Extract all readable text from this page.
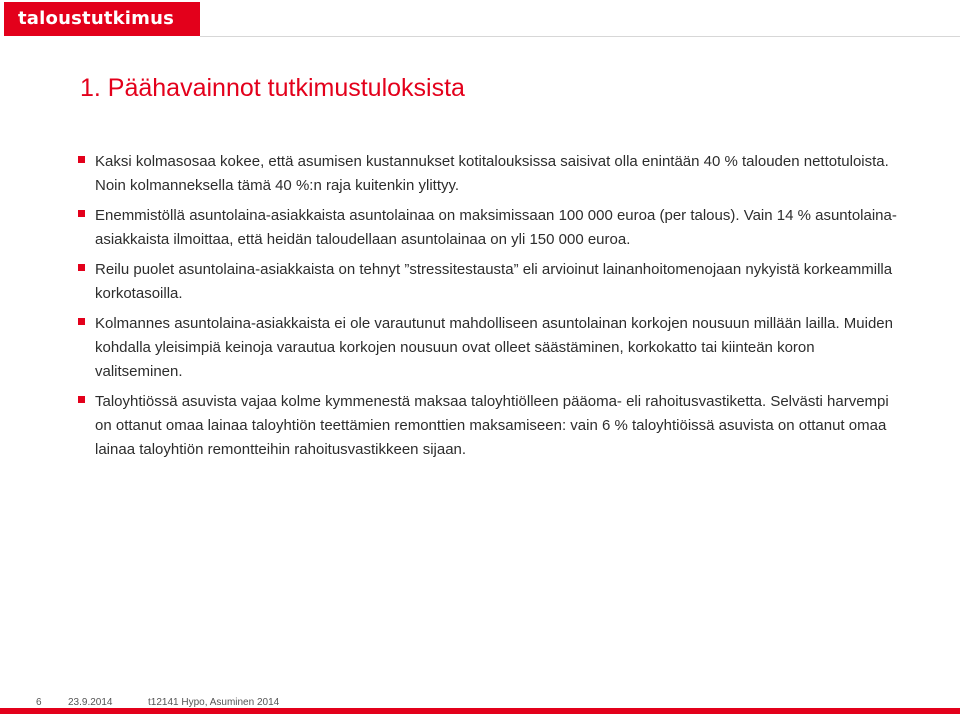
taloustutkimus oy
1. Päähavainnot tutkimustuloksista
Kaksi kolmasosaa kokee, että asumisen kustannukset kotitalouksissa saisivat olla enintään 40 % talouden nettotuloista. Noin kolmanneksella tämä 40 %:n raja kuitenkin ylittyy.
Enemmistöllä asuntolaina-asiakkaista asuntolainaa on maksimissaan 100 000 euroa (per talous). Vain 14 % asuntolaina-asiakkaista ilmoittaa, että heidän taloudellaan asuntolainaa on yli 150 000 euroa.
Reilu puolet asuntolaina-asiakkaista on tehnyt ”stressitestausta” eli arvioinut lainanhoitomenojaan nykyistä korkeammilla korkotasoilla.
Kolmannes asuntolaina-asiakkaista ei ole varautunut mahdolliseen asuntolainan korkojen nousuun millään lailla. Muiden kohdalla yleisimpiä keinoja varautua korkojen nousuun ovat olleet säästäminen, korkokatto tai kiinteän koron valitseminen.
Taloyhtiössä asuvista vajaa kolme kymmenestä maksaa taloyhtiölleen pääoma- eli rahoitusvastiketta. Selvästi harvempi on ottanut omaa lainaa taloyhtiön teettämien remonttien maksamiseen: vain 6 % taloyhtiöissä asuvista on ottanut omaa lainaa taloyhtiön remontteihin rahoitusvastikkeen sijaan.
6	23.9.2014	t12141 Hypo, Asuminen 2014
